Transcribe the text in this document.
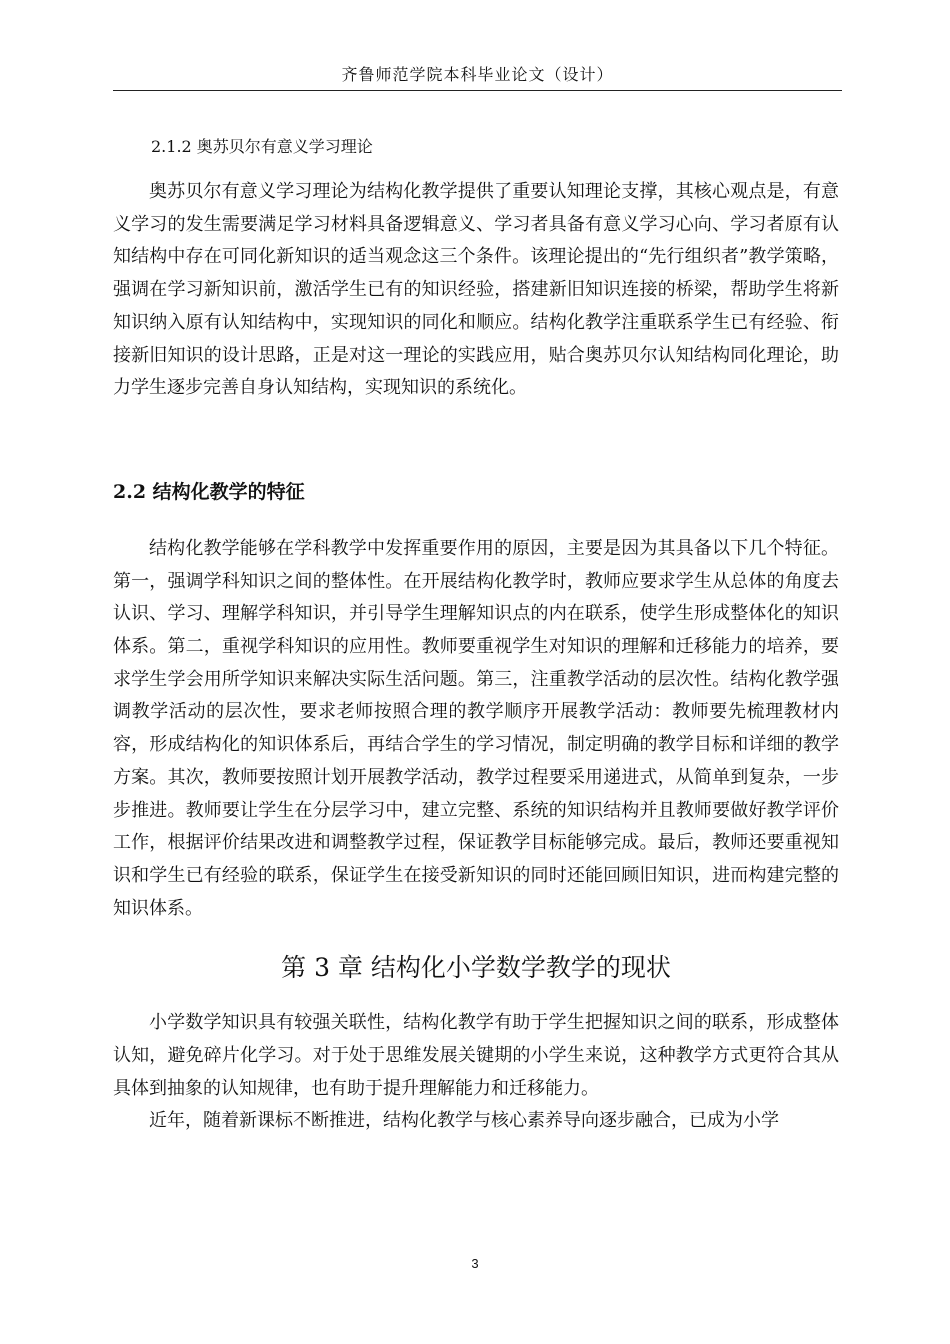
齐鲁师范学院本科毕业论文（设计）

2.1.2 奥苏贝尔有意义学习理论

奥苏贝尔有意义学习理论为结构化教学提供了重要认知理论支撑，其核心观点是，有意义学习的发生需要满足学习材料具备逻辑意义、学习者具备有意义学习心向、学习者原有认知结构中存在可同化新知识的适当观念这三个条件。该理论提出的“先行组织者”教学策略，强调在学习新知识前，激活学生已有的知识经验，搭建新旧知识连接的桥梁，帮助学生将新知识纳入原有认知结构中，实现知识的同化和顺应。结构化教学注重联系学生已有经验、衔接新旧知识的设计思路，正是对这一理论的实践应用，贴合奥苏贝尔认知结构同化理论，助力学生逐步完善自身认知结构，实现知识的系统化。

2.2 结构化教学的特征

结构化教学能够在学科教学中发挥重要作用的原因，主要是因为其具备以下几个特征。第一，强调学科知识之间的整体性。在开展结构化教学时，教师应要求学生从总体的角度去认识、学习、理解学科知识，并引导学生理解知识点的内在联系，使学生形成整体化的知识体系。第二，重视学科知识的应用性。教师要重视学生对知识的理解和迁移能力的培养，要求学生学会用所学知识来解决实际生活问题。第三，注重教学活动的层次性。结构化教学强调教学活动的层次性，要求老师按照合理的教学顺序开展教学活动：教师要先梳理教材内容，形成结构化的知识体系后，再结合学生的学习情况，制定明确的教学目标和详细的教学方案。其次，教师要按照计划开展教学活动，教学过程要采用递进式，从简单到复杂，一步步推进。教师要让学生在分层学习中，建立完整、系统的知识结构并且教师要做好教学评价工作，根据评价结果改进和调整教学过程，保证教学目标能够完成。最后，教师还要重视知识和学生已有经验的联系，保证学生在接受新知识的同时还能回顾旧知识，进而构建完整的知识体系。

第 3 章 结构化小学数学教学的现状

小学数学知识具有较强关联性，结构化教学有助于学生把握知识之间的联系，形成整体认知，避免碎片化学习。对于处于思维发展关键期的小学生来说，这种教学方式更符合其从具体到抽象的认知规律，也有助于提升理解能力和迁移能力。

近年，随着新课标不断推进，结构化教学与核心素养导向逐步融合，已成为小学

3
